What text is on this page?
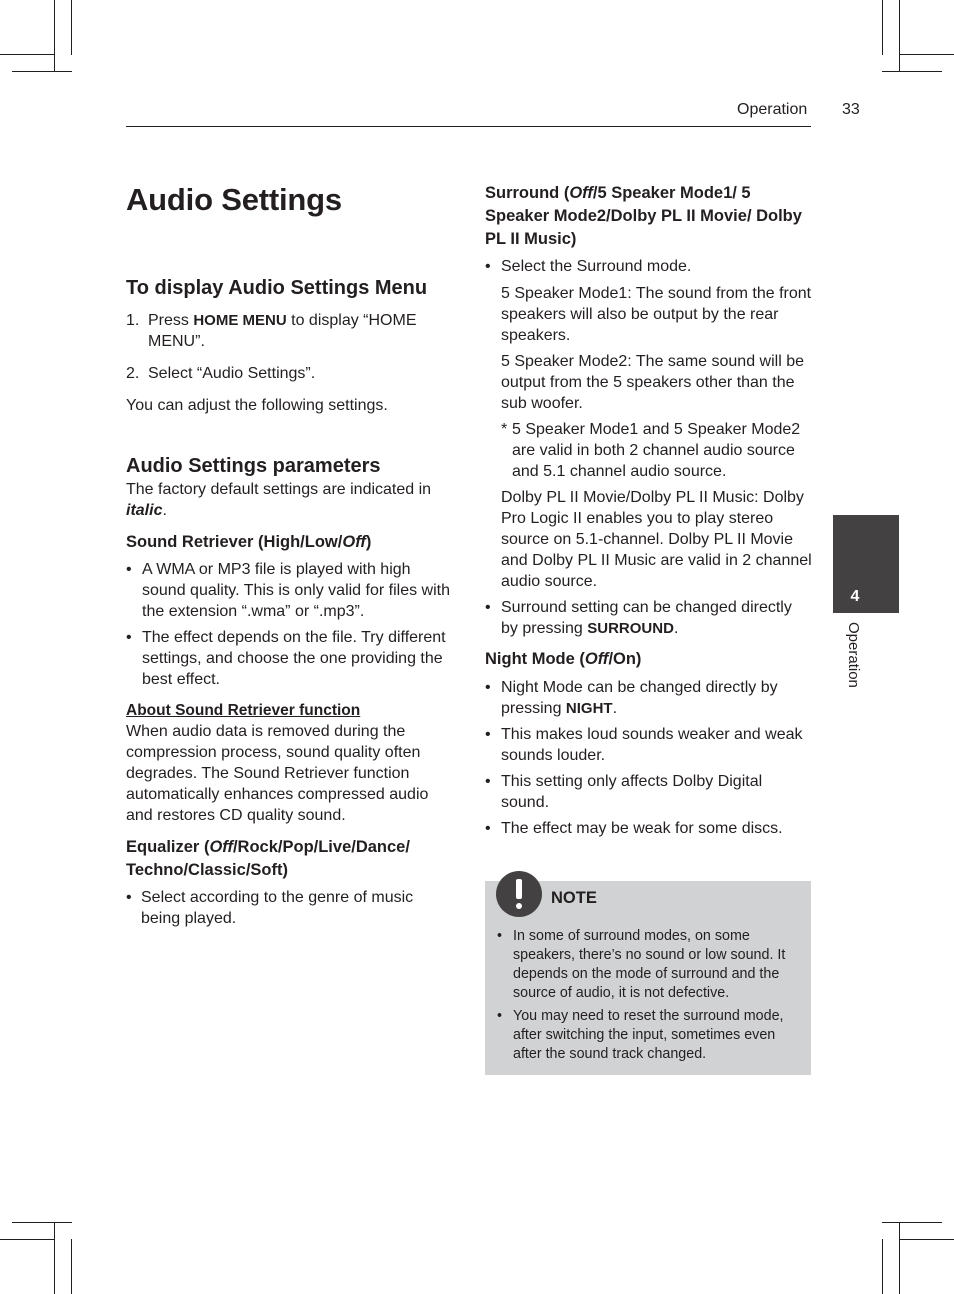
Operation 33
4
Operation
Audio Settings
To display Audio Settings Menu
1. Press HOME MENU to display “HOME MENU”.
2. Select “Audio Settings”.

You can adjust the following settings.

Audio Settings parameters

The factory default settings are indicated in italic.

Sound Retriever (High/Low/Off)
• A WMA or MP3 file is played with high sound quality. This is only valid for files with the extension “.wma” or “.mp3”.
• The effect depends on the file. Try different settings, and choose the one providing the best effect.

About Sound Retriever function

When audio data is removed during the compression process, sound quality often degrades. The Sound Retriever function automatically enhances compressed audio and restores CD quality sound.

Equalizer (Off/Rock/Pop/Live/Dance/ Techno/Classic/Soft)
• Select according to the genre of music being played.
Surround (Off/5 Speaker Mode1/ 5 Speaker Mode2/Dolby PL II Movie/ Dolby PL II Music)
• Select the Surround mode.

5 Speaker Mode1: The sound from the front speakers will also be output by the rear speakers.

5 Speaker Mode2: The same sound will be output from the 5 speakers other than the sub woofer.

* 5 Speaker Mode1 and 5 Speaker Mode2 are valid in both 2 channel audio source and 5.1 channel audio source.

Dolby PL II Movie/Dolby PL II Music: Dolby Pro Logic II enables you to play stereo source on 5.1-channel. Dolby PL II Movie and Dolby PL II Music are valid in 2 channel audio source.

• Surround setting can be changed directly by pressing SURROUND.
Night Mode (Off/On)
• Night Mode can be changed directly by pressing NIGHT.
• This makes loud sounds weaker and weak sounds louder.
• This setting only affects Dolby Digital sound.
• The effect may be weak for some discs.
NOTE
• In some of surround modes, on some speakers, there’s no sound or low sound. It depends on the mode of surround and the source of audio, it is not defective.
• You may need to reset the surround mode, after switching the input, sometimes even after the sound track changed.
